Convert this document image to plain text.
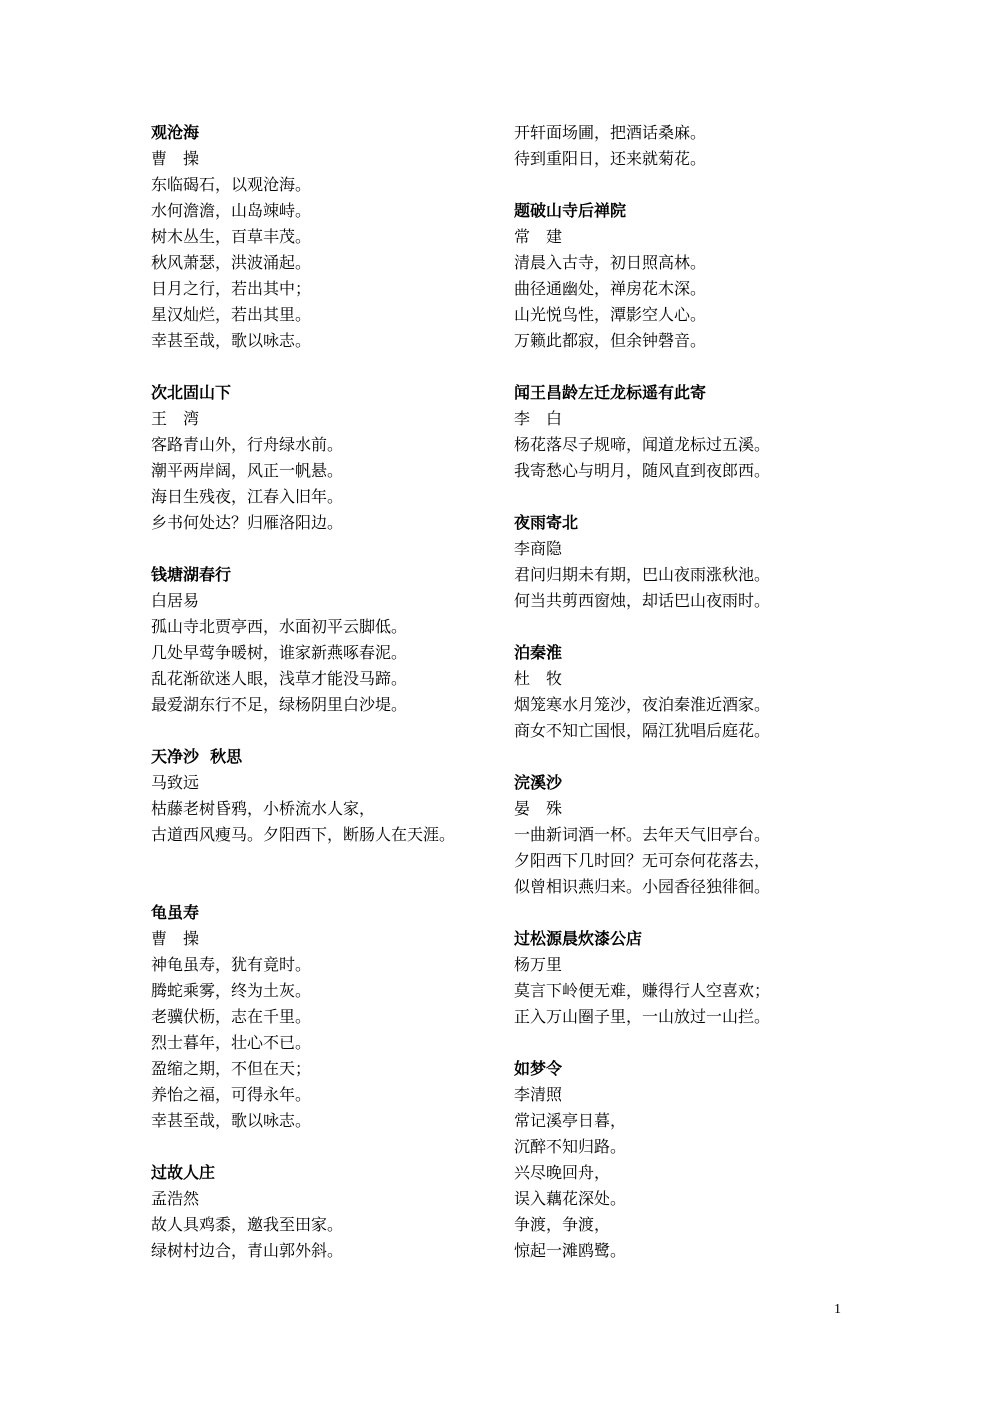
观沧海
曹　操
东临碣石，以观沧海。
水何澹澹，山岛竦峙。
树木丛生，百草丰茂。
秋风萧瑟，洪波涌起。
日月之行，若出其中；
星汉灿烂，若出其里。
幸甚至哉，歌以咏志。
次北固山下
王　湾
客路青山外，行舟绿水前。
潮平两岸阔，风正一帆悬。
海日生残夜，江春入旧年。
乡书何处达？归雁洛阳边。
钱塘湖春行
白居易
孤山寺北贾亭西，水面初平云脚低。
几处早莺争暖树，谁家新燕啄春泥。
乱花渐欲迷人眼，浅草才能没马蹄。
最爱湖东行不足，绿杨阴里白沙堤。
天净沙  秋思
马致远
枯藤老树昏鸦，小桥流水人家，
古道西风瘦马。夕阳西下，断肠人在天涯。
龟虽寿
曹　操
神龟虽寿，犹有竟时。
腾蛇乘雾，终为土灰。
老骥伏枥，志在千里。
烈士暮年，壮心不已。
盈缩之期，不但在天；
养怡之福，可得永年。
幸甚至哉，歌以咏志。
过故人庄
孟浩然
故人具鸡黍，邀我至田家。
绿树村边合，青山郭外斜。
开轩面场圃，把酒话桑麻。
待到重阳日，还来就菊花。
题破山寺后禅院
常　建
清晨入古寺，初日照高林。
曲径通幽处，禅房花木深。
山光悦鸟性，潭影空人心。
万籁此都寂，但余钟磬音。
闻王昌龄左迁龙标遥有此寄
李　白
杨花落尽子规啼，闻道龙标过五溪。
我寄愁心与明月，随风直到夜郎西。
夜雨寄北
李商隐
君问归期未有期，巴山夜雨涨秋池。
何当共剪西窗烛，却话巴山夜雨时。
泊秦淮
杜　牧
烟笼寒水月笼沙，夜泊秦淮近酒家。
商女不知亡国恨，隔江犹唱后庭花。
浣溪沙
晏　殊
一曲新词酒一杯。去年天气旧亭台。
夕阳西下几时回？无可奈何花落去，
似曾相识燕归来。小园香径独徘徊。
过松源晨炊漆公店
杨万里
莫言下岭便无难，赚得行人空喜欢；
正入万山圈子里，一山放过一山拦。
如梦令
李清照
常记溪亭日暮，
沉醉不知归路。
兴尽晚回舟，
误入藕花深处。
争渡，争渡，
惊起一滩鸥鹭。
1
